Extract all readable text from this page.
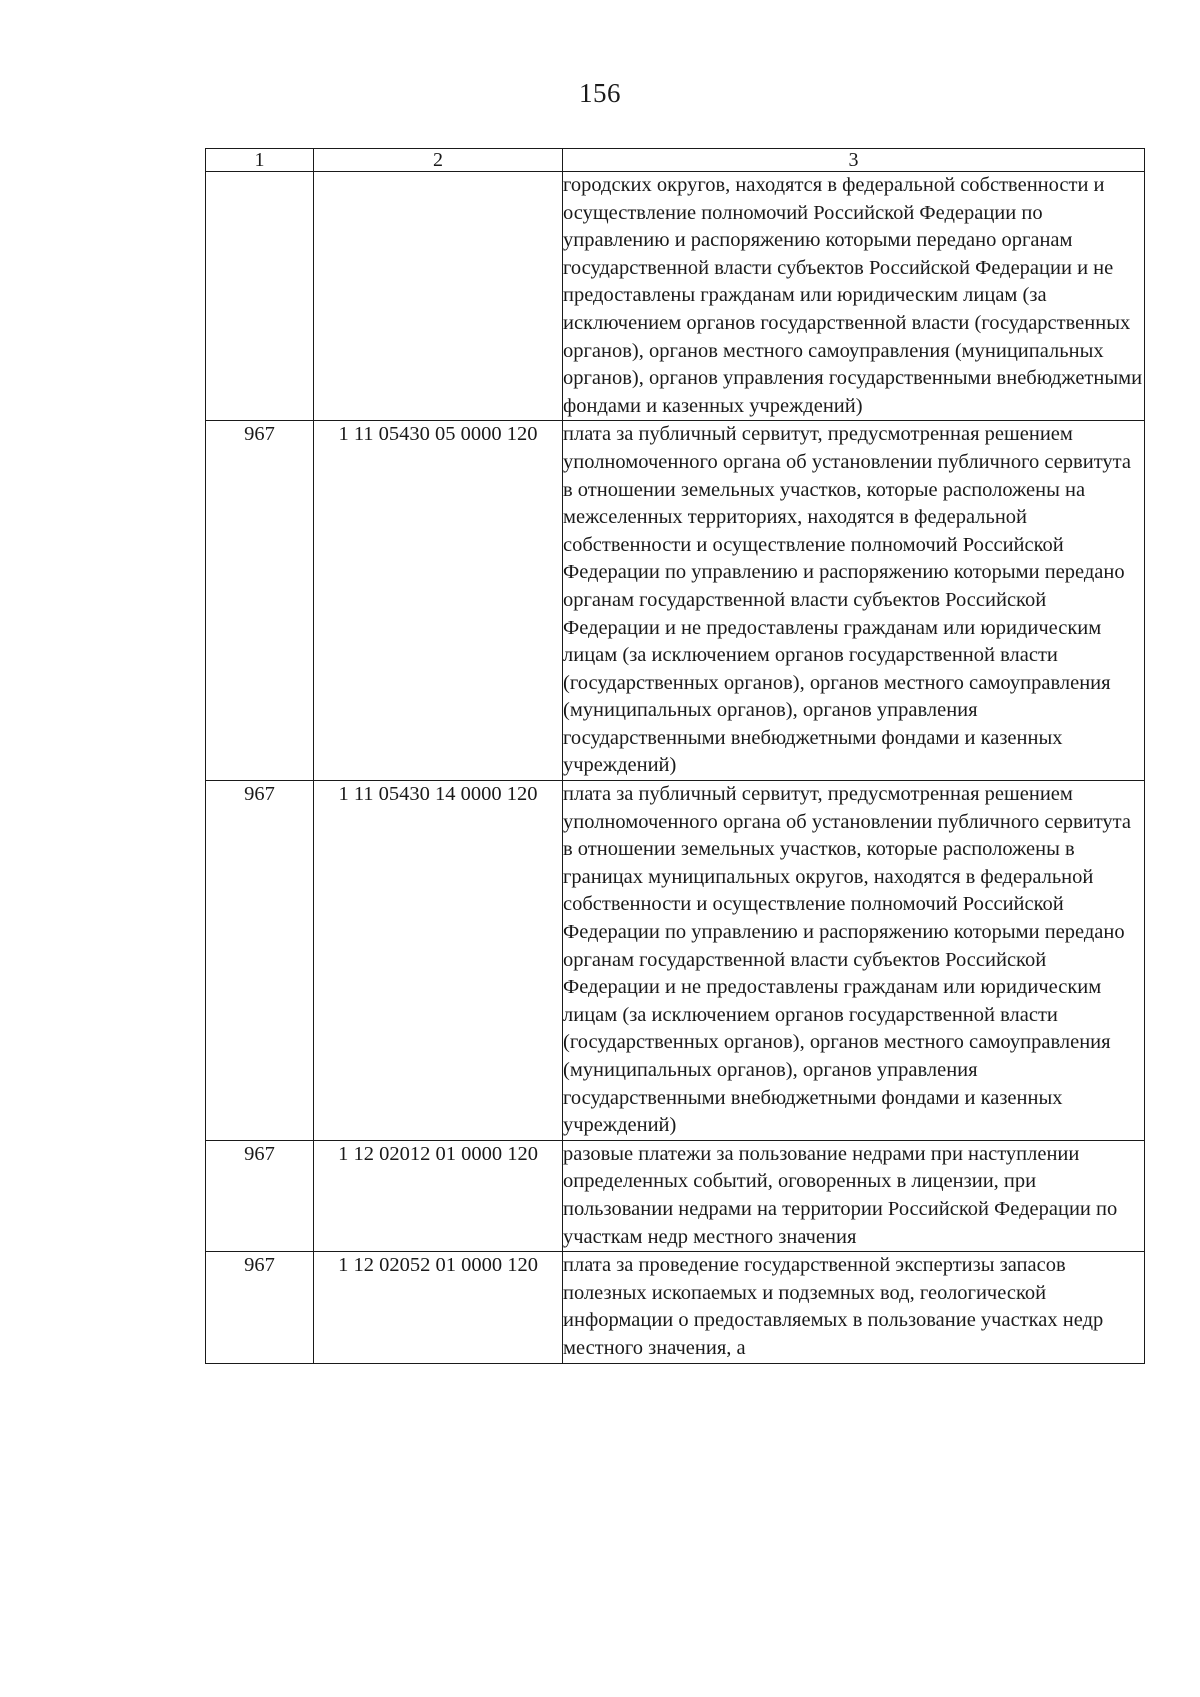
156
1	2	3
		городских округов, находятся в федеральной собственности и осуществление полномочий Российской Федерации по управлению и распоряжению которыми передано органам государственной власти субъектов Российской Федерации и не предоставлены гражданам или юридическим лицам (за исключением органов государственной власти (государственных органов), органов местного самоуправления (муниципальных органов), органов управления государственными внебюджетными фондами и казенных учреждений)
967	1 11 05430 05 0000 120	плата за публичный сервитут, предусмотренная решением уполномоченного органа об установлении публичного сервитута в отношении земельных участков, которые расположены на межселенных территориях, находятся в федеральной собственности и осуществление полномочий Российской Федерации по управлению и распоряжению которыми передано органам государственной власти субъектов Российской Федерации и не предоставлены гражданам или юридическим лицам (за исключением органов государственной власти (государственных органов), органов местного самоуправления (муниципальных органов), органов управления государственными внебюджетными фондами и казенных учреждений)
967	1 11 05430 14 0000 120	плата за публичный сервитут, предусмотренная решением уполномоченного органа об установлении публичного сервитута в отношении земельных участков, которые расположены в границах муниципальных округов, находятся в федеральной собственности и осуществление полномочий Российской Федерации по управлению и распоряжению которыми передано органам государственной власти субъектов Российской Федерации и не предоставлены гражданам или юридическим лицам (за исключением органов государственной власти (государственных органов), органов местного самоуправления (муниципальных органов), органов управления государственными внебюджетными фондами и казенных учреждений)
967	1 12 02012 01 0000 120	разовые платежи за пользование недрами при наступлении определенных событий, оговоренных в лицензии, при пользовании недрами на территории Российской Федерации по участкам недр местного значения
967	1 12 02052 01 0000 120	плата за проведение государственной экспертизы запасов полезных ископаемых и подземных вод, геологической информации о предоставляемых в пользование участках недр местного значения, а
